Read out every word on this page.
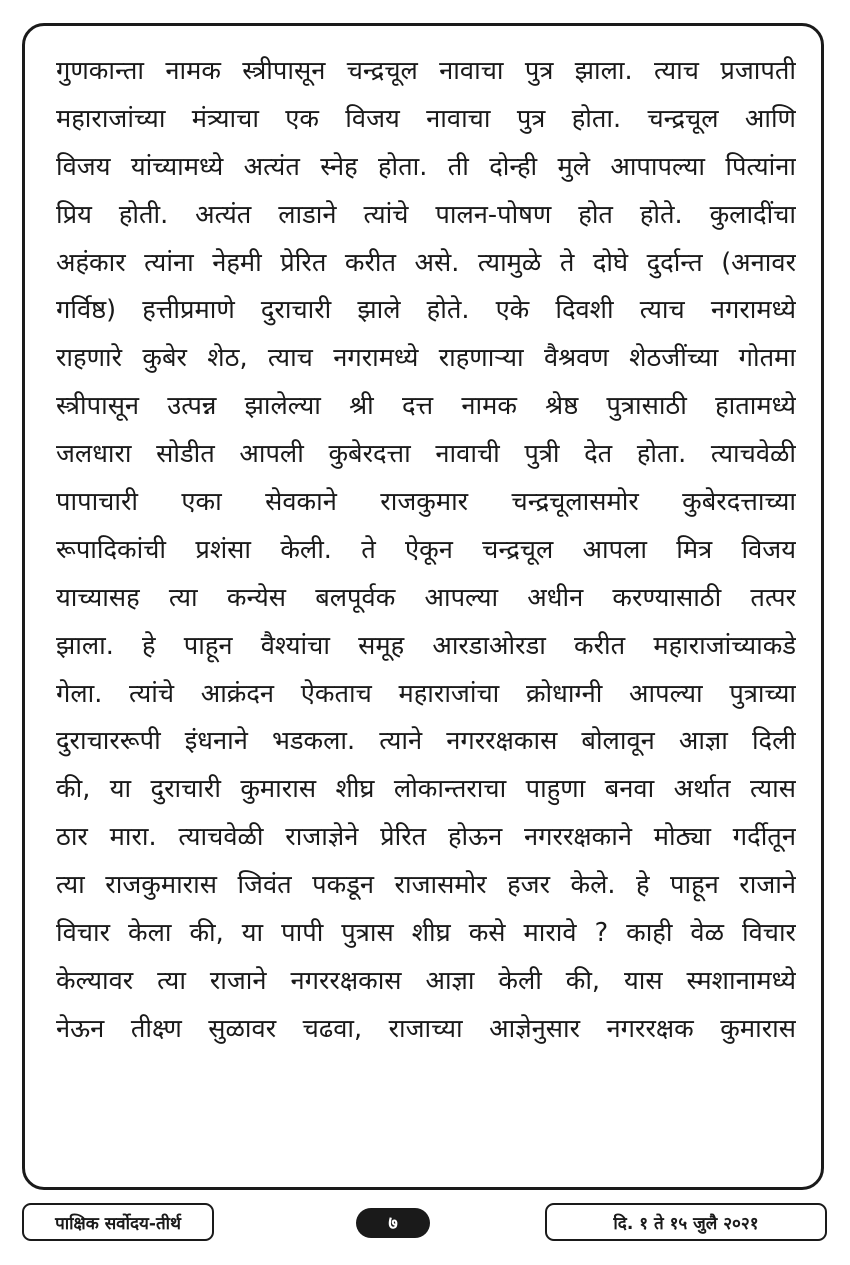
गुणकान्ता नामक स्त्रीपासून चन्द्रचूल नावाचा पुत्र झाला. त्याच प्रजापती
महाराजांच्या मंत्र्याचा एक विजय नावाचा पुत्र होता. चन्द्रचूल आणि
विजय यांच्यामध्ये अत्यंत स्नेह होता. ती दोन्ही मुले आपापल्या पित्यांना
प्रिय होती. अत्यंत लाडाने त्यांचे पालन-पोषण होत होते. कुलादींचा
अहंकार त्यांना नेहमी प्रेरित करीत असे. त्यामुळे ते दोघे दुर्दान्त (अनावर
गर्विष्ठ) हत्तीप्रमाणे दुराचारी झाले होते. एके दिवशी त्याच नगरामध्ये
राहणारे कुबेर शेठ, त्याच नगरामध्ये राहणाऱ्या वैश्रवण शेठजींच्या गोतमा
स्त्रीपासून उत्पन्न झालेल्या श्री दत्त नामक श्रेष्ठ पुत्रासाठी हातामध्ये
जलधारा सोडीत आपली कुबेरदत्ता नावाची पुत्री देत होता. त्याचवेळी
पापाचारी एका सेवकाने राजकुमार चन्द्रचूलासमोर कुबेरदत्ताच्या
रूपादिकांची प्रशंसा केली. ते ऐकून चन्द्रचूल आपला मित्र विजय
याच्यासह त्या कन्येस बलपूर्वक आपल्या अधीन करण्यासाठी तत्पर
झाला. हे पाहून वैश्यांचा समूह आरडाओरडा करीत महाराजांच्याकडे
गेला. त्यांचे आक्रंदन ऐकताच महाराजांचा क्रोधाग्नी आपल्या पुत्राच्या
दुराचाररूपी इंधनाने भडकला. त्याने नगररक्षकास बोलावून आज्ञा दिली
की, या दुराचारी कुमारास शीघ्र लोकान्तराचा पाहुणा बनवा अर्थात त्यास
ठार मारा. त्याचवेळी राजाज्ञेने प्रेरित होऊन नगररक्षकाने मोठ्या गर्दीतून
त्या राजकुमारास जिवंत पकडून राजासमोर हजर केले. हे पाहून राजाने
विचार केला की, या पापी पुत्रास शीघ्र कसे मारावे ? काही वेळ विचार
केल्यावर त्या राजाने नगररक्षकास आज्ञा केली की, यास स्मशानामध्ये
नेऊन तीक्ष्ण सुळावर चढवा, राजाच्या आज्ञेनुसार नगररक्षक कुमारास
पाक्षिक सर्वोदय-तीर्थ	७	दि. १ ते १५ जुलै २०२१
